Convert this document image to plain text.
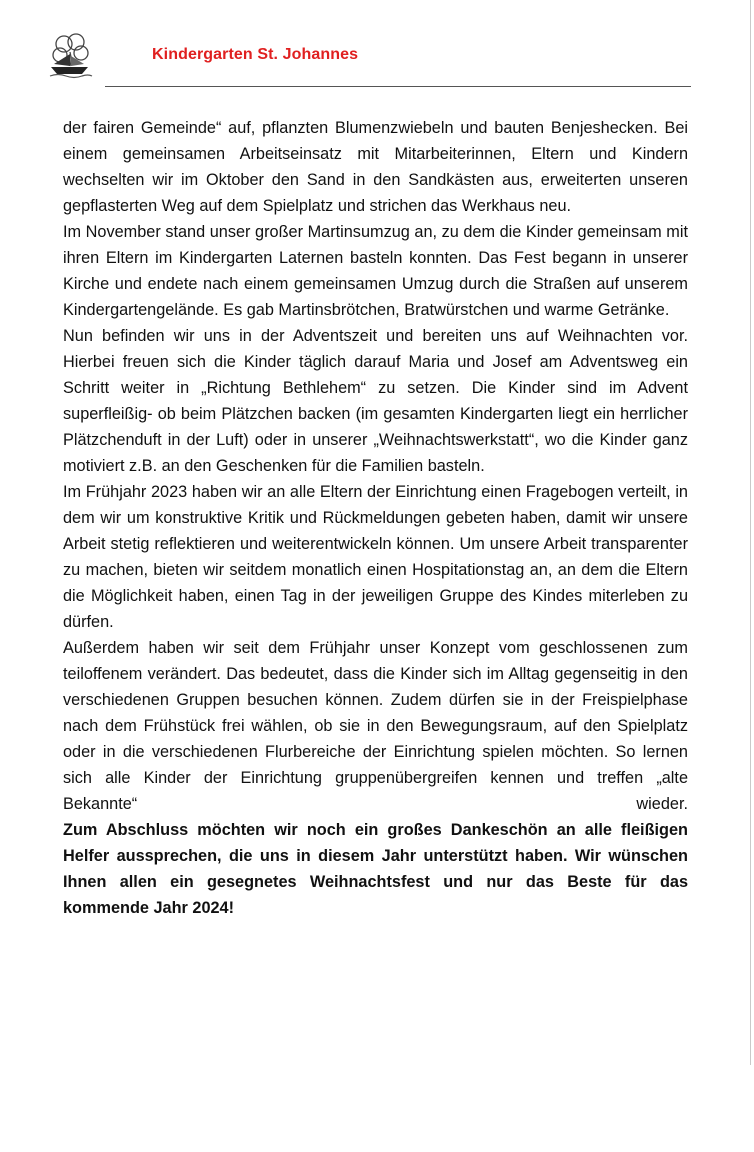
Kindergarten St. Johannes

der fairen Gemeinde“ auf, pflanzten Blumenzwiebeln und bauten Benjeshecken. Bei einem gemeinsamen Arbeitseinsatz mit Mitarbeiterinnen, Eltern und Kindern wechselten wir im Oktober den Sand in den Sandkästen aus, erweiterten unseren gepflasterten Weg auf dem Spielplatz und strichen das Werkhaus neu.

Im November stand unser großer Martinsumzug an, zu dem die Kinder gemeinsam mit ihren Eltern im Kindergarten Laternen basteln konnten. Das Fest begann in unserer Kirche und endete nach einem gemeinsamen Umzug durch die Straßen auf unserem Kindergartengelände. Es gab Martinsbrötchen, Bratwürstchen und warme Getränke.

Nun befinden wir uns in der Adventszeit und bereiten uns auf Weihnachten vor. Hierbei freuen sich die Kinder täglich darauf Maria und Josef am Adventsweg ein Schritt weiter in „Richtung Bethlehem“ zu setzen. Die Kinder sind im Advent superfleißig- ob beim Plätzchen backen (im gesamten Kindergarten liegt ein herrlicher Plätzchenduft in der Luft) oder in unserer „Weihnachtswerkstatt“, wo die Kinder ganz motiviert z.B. an den Geschenken für die Familien basteln.

Im Frühjahr 2023 haben wir an alle Eltern der Einrichtung einen Fragebogen verteilt, in dem wir um konstruktive Kritik und Rückmeldungen gebeten haben, damit wir unsere Arbeit stetig reflektieren und weiterentwickeln können. Um unsere Arbeit transparenter zu machen, bieten wir seitdem monatlich einen Hospitationstag an, an dem die Eltern die Möglichkeit haben, einen Tag in der jeweiligen Gruppe des Kindes miterleben zu dürfen.

Außerdem haben wir seit dem Frühjahr unser Konzept vom geschlossenen zum teiloffenem verändert. Das bedeutet, dass die Kinder sich im Alltag gegenseitig in den verschiedenen Gruppen besuchen können. Zudem dürfen sie in der Freispielphase nach dem Frühstück frei wählen, ob sie in den Bewegungsraum, auf den Spielplatz oder in die verschiedenen Flurbereiche der Einrichtung spielen möchten. So lernen sich alle Kinder der Einrichtung gruppenübergreifen kennen und treffen „alte Bekannte“ wieder.

Zum Abschluss möchten wir noch ein großes Dankeschön an alle fleißigen Helfer aussprechen, die uns in diesem Jahr unterstützt haben. Wir wünschen Ihnen allen ein gesegnetes Weihnachtsfest und nur das Beste für das kommende Jahr 2024!
